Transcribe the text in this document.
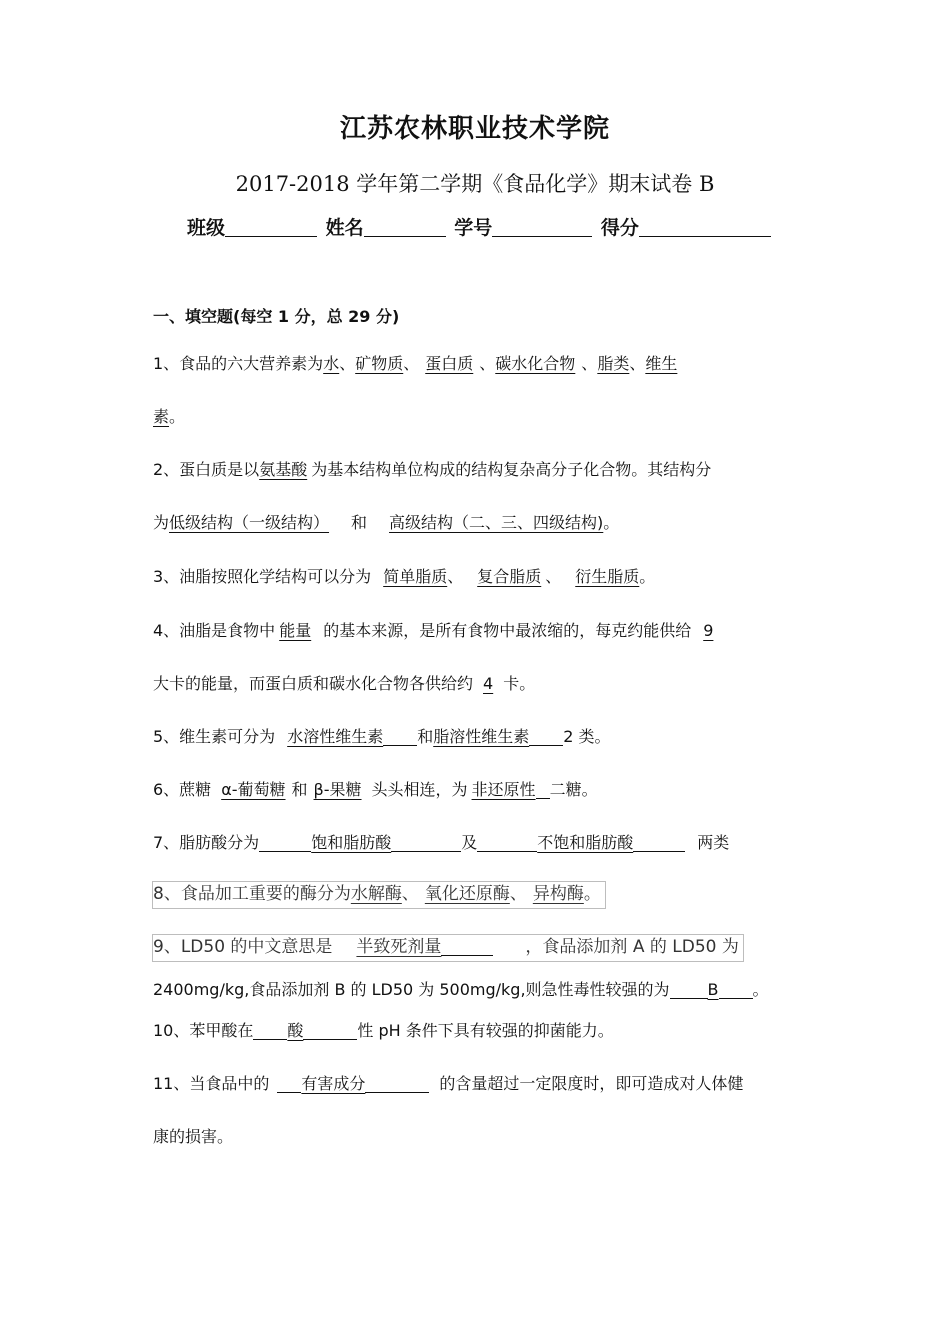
江苏农林职业技术学院
2017-2018 学年第二学期《食品化学》期末试卷 B
班级	姓名	学号	得分
一、填空题(每空 1 分，总 29 分)
1、食品的六大营养素为水、矿物质、 蛋白质 、碳水化合物 、脂类、维生
素。
2、蛋白质是以氨基酸 为基本结构单位构成的结构复杂高分子化合物。其结构分
为低级结构（一级结构） 和 高级结构（二、三、四级结构)。
3、油脂按照化学结构可以分为 简单脂质、 复合脂质 、 衍生脂质。
4、油脂是食物中 能量 的基本来源，是所有食物中最浓缩的，每克约能供给 9
大卡的能量，而蛋白质和碳水化合物各供给约 4 卡。
5、维生素可分为 水溶性维生素 和脂溶性维生素 2 类。
6、蔗糖 α-葡萄糖 和 β-果糖 头头相连，为 非还原性 二糖。
7、脂肪酸分为	饱和脂肪酸	及	不饱和脂肪酸	两类
8、食品加工重要的酶分为水解酶、 氧化还原酶、 异构酶。
9、LD50 的中文意思是 半致死剂量	，食品添加剂 A 的 LD50 为
2400mg/kg,食品添加剂 B 的 LD50 为 500mg/kg,则急性毒性较强的为 B 。
10、苯甲酸在 酸	性 pH 条件下具有较强的抑菌能力。
11、当食品中的 有害成分	的含量超过一定限度时，即可造成对人体健
康的损害。
